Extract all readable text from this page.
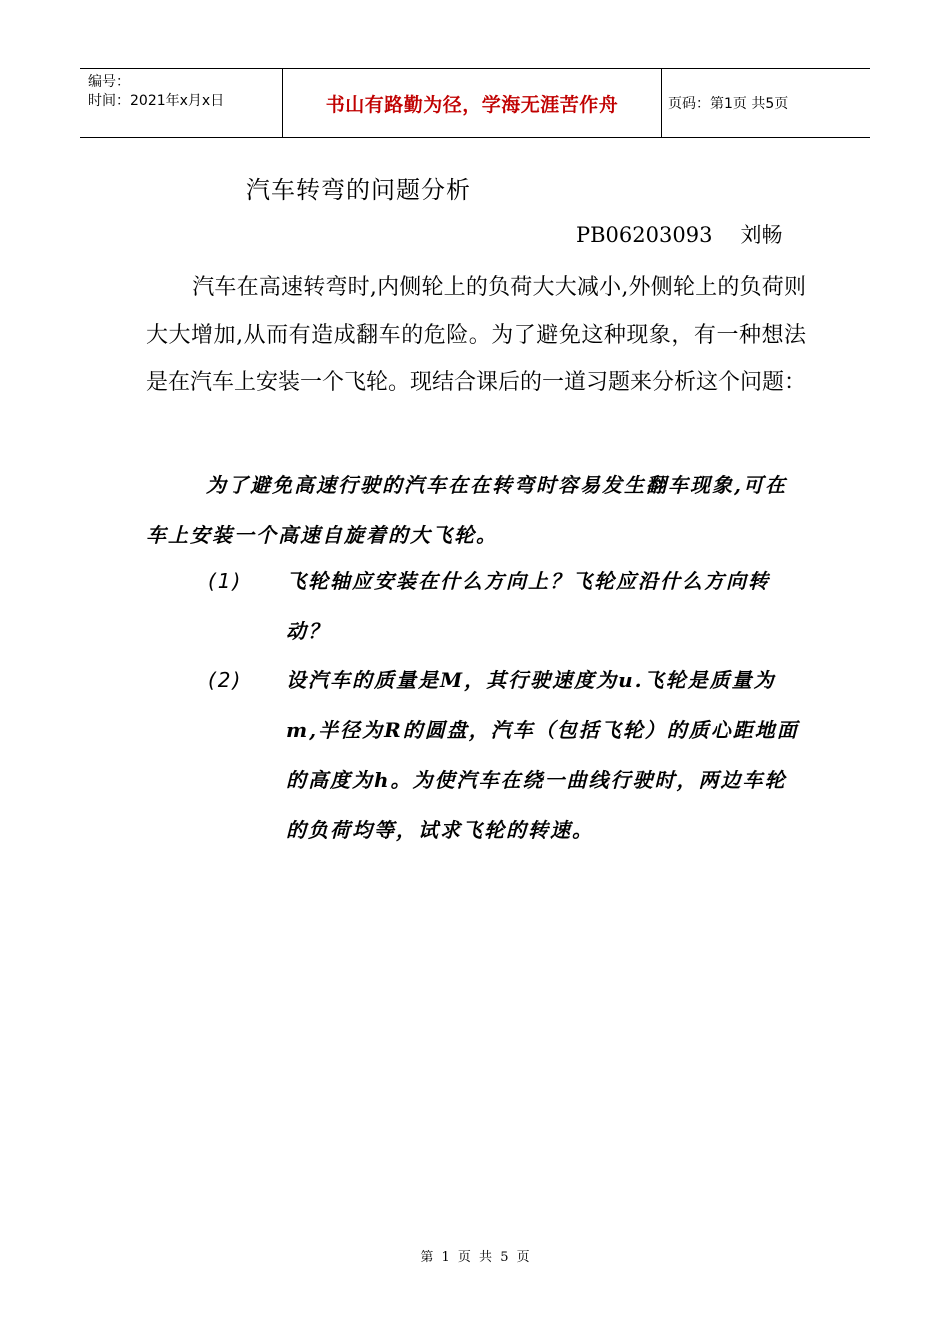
编号：
时间：2021年x月x日	书山有路勤为径，学海无涯苦作舟	页码：第1页 共5页
汽车转弯的问题分析
PB06203093 刘畅
汽车在高速转弯时,内侧轮上的负荷大大减小,外侧轮上的负荷则大大增加,从而有造成翻车的危险。为了避免这种现象，有一种想法是在汽车上安装一个飞轮。现结合课后的一道习题来分析这个问题：
为了避免高速行驶的汽车在在转弯时容易发生翻车现象,可在车上安装一个高速自旋着的大飞轮。
(1) 飞轮轴应安装在什么方向上？飞轮应沿什么方向转动？
(2) 设汽车的质量是M，其行驶速度为u.飞轮是质量为m,半径为R的圆盘，汽车（包括飞轮）的质心距地面的高度为h。为使汽车在绕一曲线行驶时，两边车轮的负荷均等，试求飞轮的转速。
第 1 页 共 5 页
